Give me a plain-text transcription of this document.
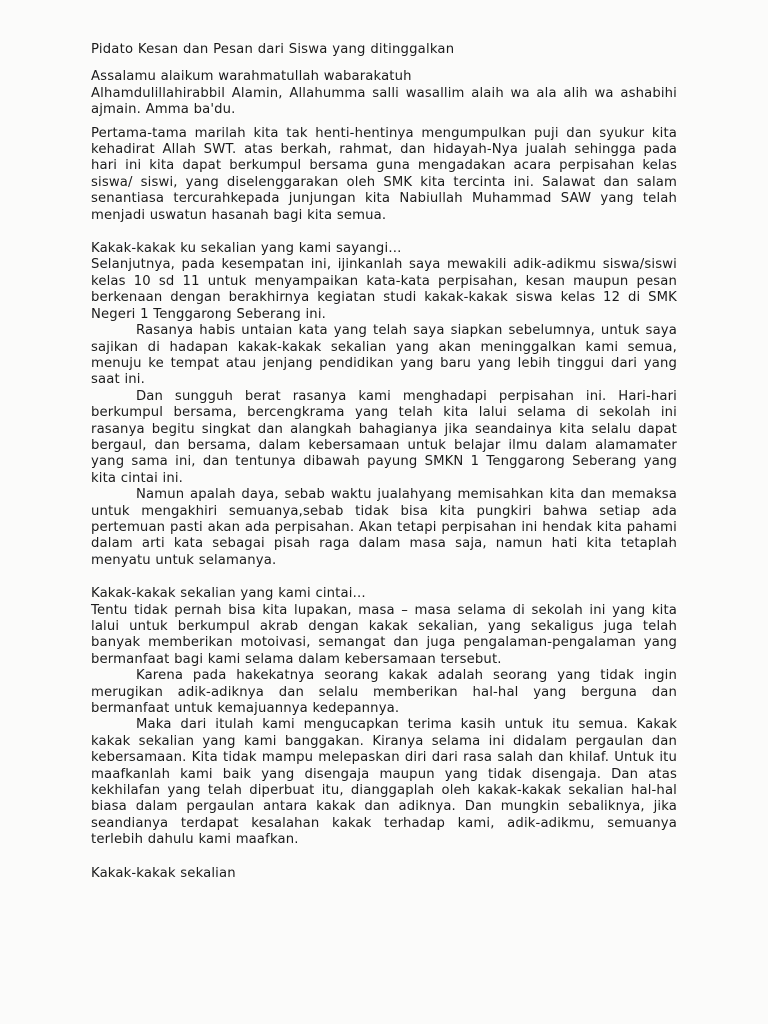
Pidato Kesan dan Pesan dari Siswa yang ditinggalkan

Assalamu alaikum warahmatullah wabarakatuh

Alhamdulillahirabbil Alamin, Allahumma salli wasallim alaih wa ala alih wa ashabihi ajmain. Amma ba'du.

Pertama-tama marilah kita tak henti-hentinya mengumpulkan puji dan syukur kita kehadirat Allah SWT. atas berkah, rahmat, dan hidayah-Nya jualah sehingga pada hari ini kita dapat berkumpul bersama guna mengadakan acara perpisahan kelas siswa/ siswi, yang diselenggarakan oleh SMK kita tercinta ini. Salawat dan salam senantiasa tercurahkepada junjungan kita Nabiullah Muhammad SAW yang telah menjadi uswatun hasanah bagi kita semua.

Kakak-kakak ku sekalian yang kami sayangi…

Selanjutnya, pada kesempatan ini, ijinkanlah saya mewakili adik-adikmu siswa/siswi kelas 10 sd 11 untuk menyampaikan kata-kata perpisahan, kesan maupun pesan berkenaan dengan berakhirnya kegiatan studi kakak-kakak siswa kelas 12 di SMK Negeri 1 Tenggarong Seberang ini.

Rasanya habis untaian kata yang telah saya siapkan sebelumnya, untuk saya sajikan di hadapan kakak-kakak sekalian yang akan meninggalkan kami semua, menuju ke tempat atau jenjang pendidikan yang baru yang lebih tinggui dari yang saat ini.

Dan sungguh berat rasanya kami menghadapi perpisahan ini. Hari-hari berkumpul bersama, bercengkrama yang telah kita lalui selama di sekolah ini rasanya begitu singkat dan alangkah bahagianya jika seandainya kita selalu dapat bergaul, dan bersama, dalam kebersamaan untuk belajar ilmu dalam alamamater yang sama ini, dan tentunya dibawah payung SMKN 1 Tenggarong Seberang yang kita cintai ini.

Namun apalah daya, sebab waktu jualahyang memisahkan kita dan memaksa untuk mengakhiri semuanya,sebab tidak bisa kita pungkiri bahwa setiap ada pertemuan pasti akan ada perpisahan. Akan tetapi perpisahan ini hendak kita pahami dalam arti kata sebagai pisah raga dalam masa saja, namun hati kita tetaplah menyatu untuk selamanya.

Kakak-kakak sekalian yang kami cintai…

Tentu tidak pernah bisa kita lupakan, masa – masa selama di sekolah ini yang kita lalui untuk berkumpul akrab dengan kakak sekalian, yang sekaligus juga telah banyak memberikan motoivasi, semangat dan juga pengalaman-pengalaman yang bermanfaat bagi kami selama dalam kebersamaan tersebut.

Karena pada hakekatnya seorang kakak adalah seorang yang tidak ingin merugikan adik-adiknya dan selalu memberikan hal-hal yang berguna dan bermanfaat untuk kemajuannya kedepannya.

Maka dari itulah kami mengucapkan terima kasih untuk itu semua. Kakak kakak sekalian yang kami banggakan. Kiranya selama ini didalam pergaulan dan kebersamaan. Kita tidak mampu melepaskan diri dari rasa salah dan khilaf. Untuk itu maafkanlah kami baik yang disengaja maupun yang tidak disengaja. Dan atas kekhilafan yang telah diperbuat itu, dianggaplah oleh kakak-kakak sekalian hal-hal biasa dalam pergaulan antara kakak dan adiknya. Dan mungkin sebaliknya, jika seandianya terdapat kesalahan kakak terhadap kami, adik-adikmu, semuanya terlebih dahulu kami maafkan.

Kakak-kakak sekalian
